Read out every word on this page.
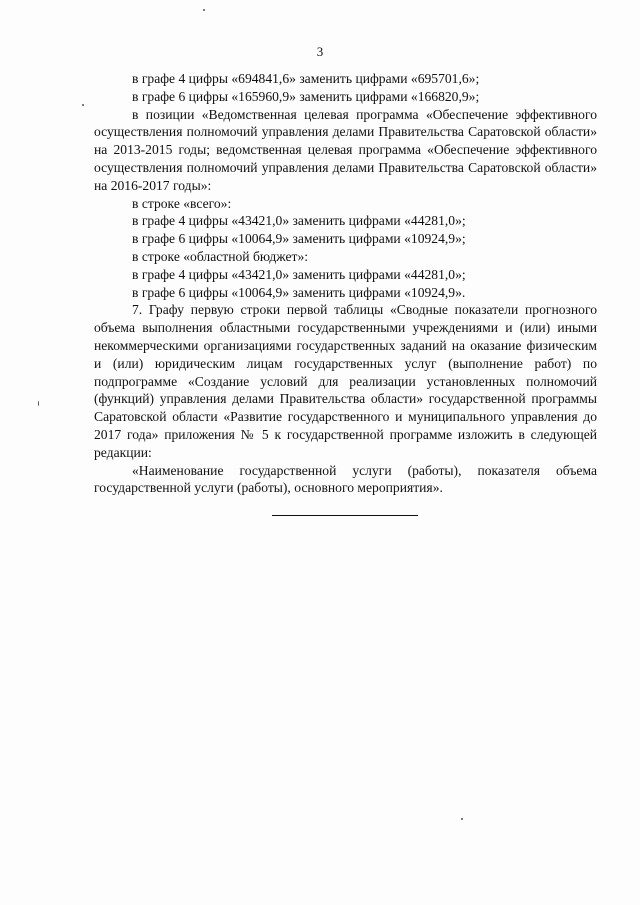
3

в графе 4 цифры «694841,6» заменить цифрами «695701,6»;

в графе 6 цифры «165960,9» заменить цифрами «166820,9»;

в позиции «Ведомственная целевая программа «Обеспечение эффективного осуществления полномочий управления делами Правительства Саратовской области» на 2013-2015 годы; ведомственная целевая программа «Обеспечение эффективного осуществления полномочий управления делами Правительства Саратовской области» на 2016-2017 годы»:

в строке «всего»:

в графе 4 цифры «43421,0» заменить цифрами «44281,0»;

в графе 6 цифры «10064,9» заменить цифрами «10924,9»;

в строке «областной бюджет»:

в графе 4 цифры «43421,0» заменить цифрами «44281,0»;

в графе 6 цифры «10064,9» заменить цифрами «10924,9».

7. Графу первую строки первой таблицы «Сводные показатели прогнозного объема выполнения областными государственными учреждениями и (или) иными некоммерческими организациями государственных заданий на оказание физическим и (или) юридическим лицам государственных услуг (выполнение работ) по подпрограмме «Создание условий для реализации установленных полномочий (функций) управления делами Правительства области» государственной программы Саратовской области «Развитие государственного и муниципального управления до 2017 года» приложения № 5 к государственной программе изложить в следующей редакции:

«Наименование государственной услуги (работы), показателя объема государственной услуги (работы), основного мероприятия».
